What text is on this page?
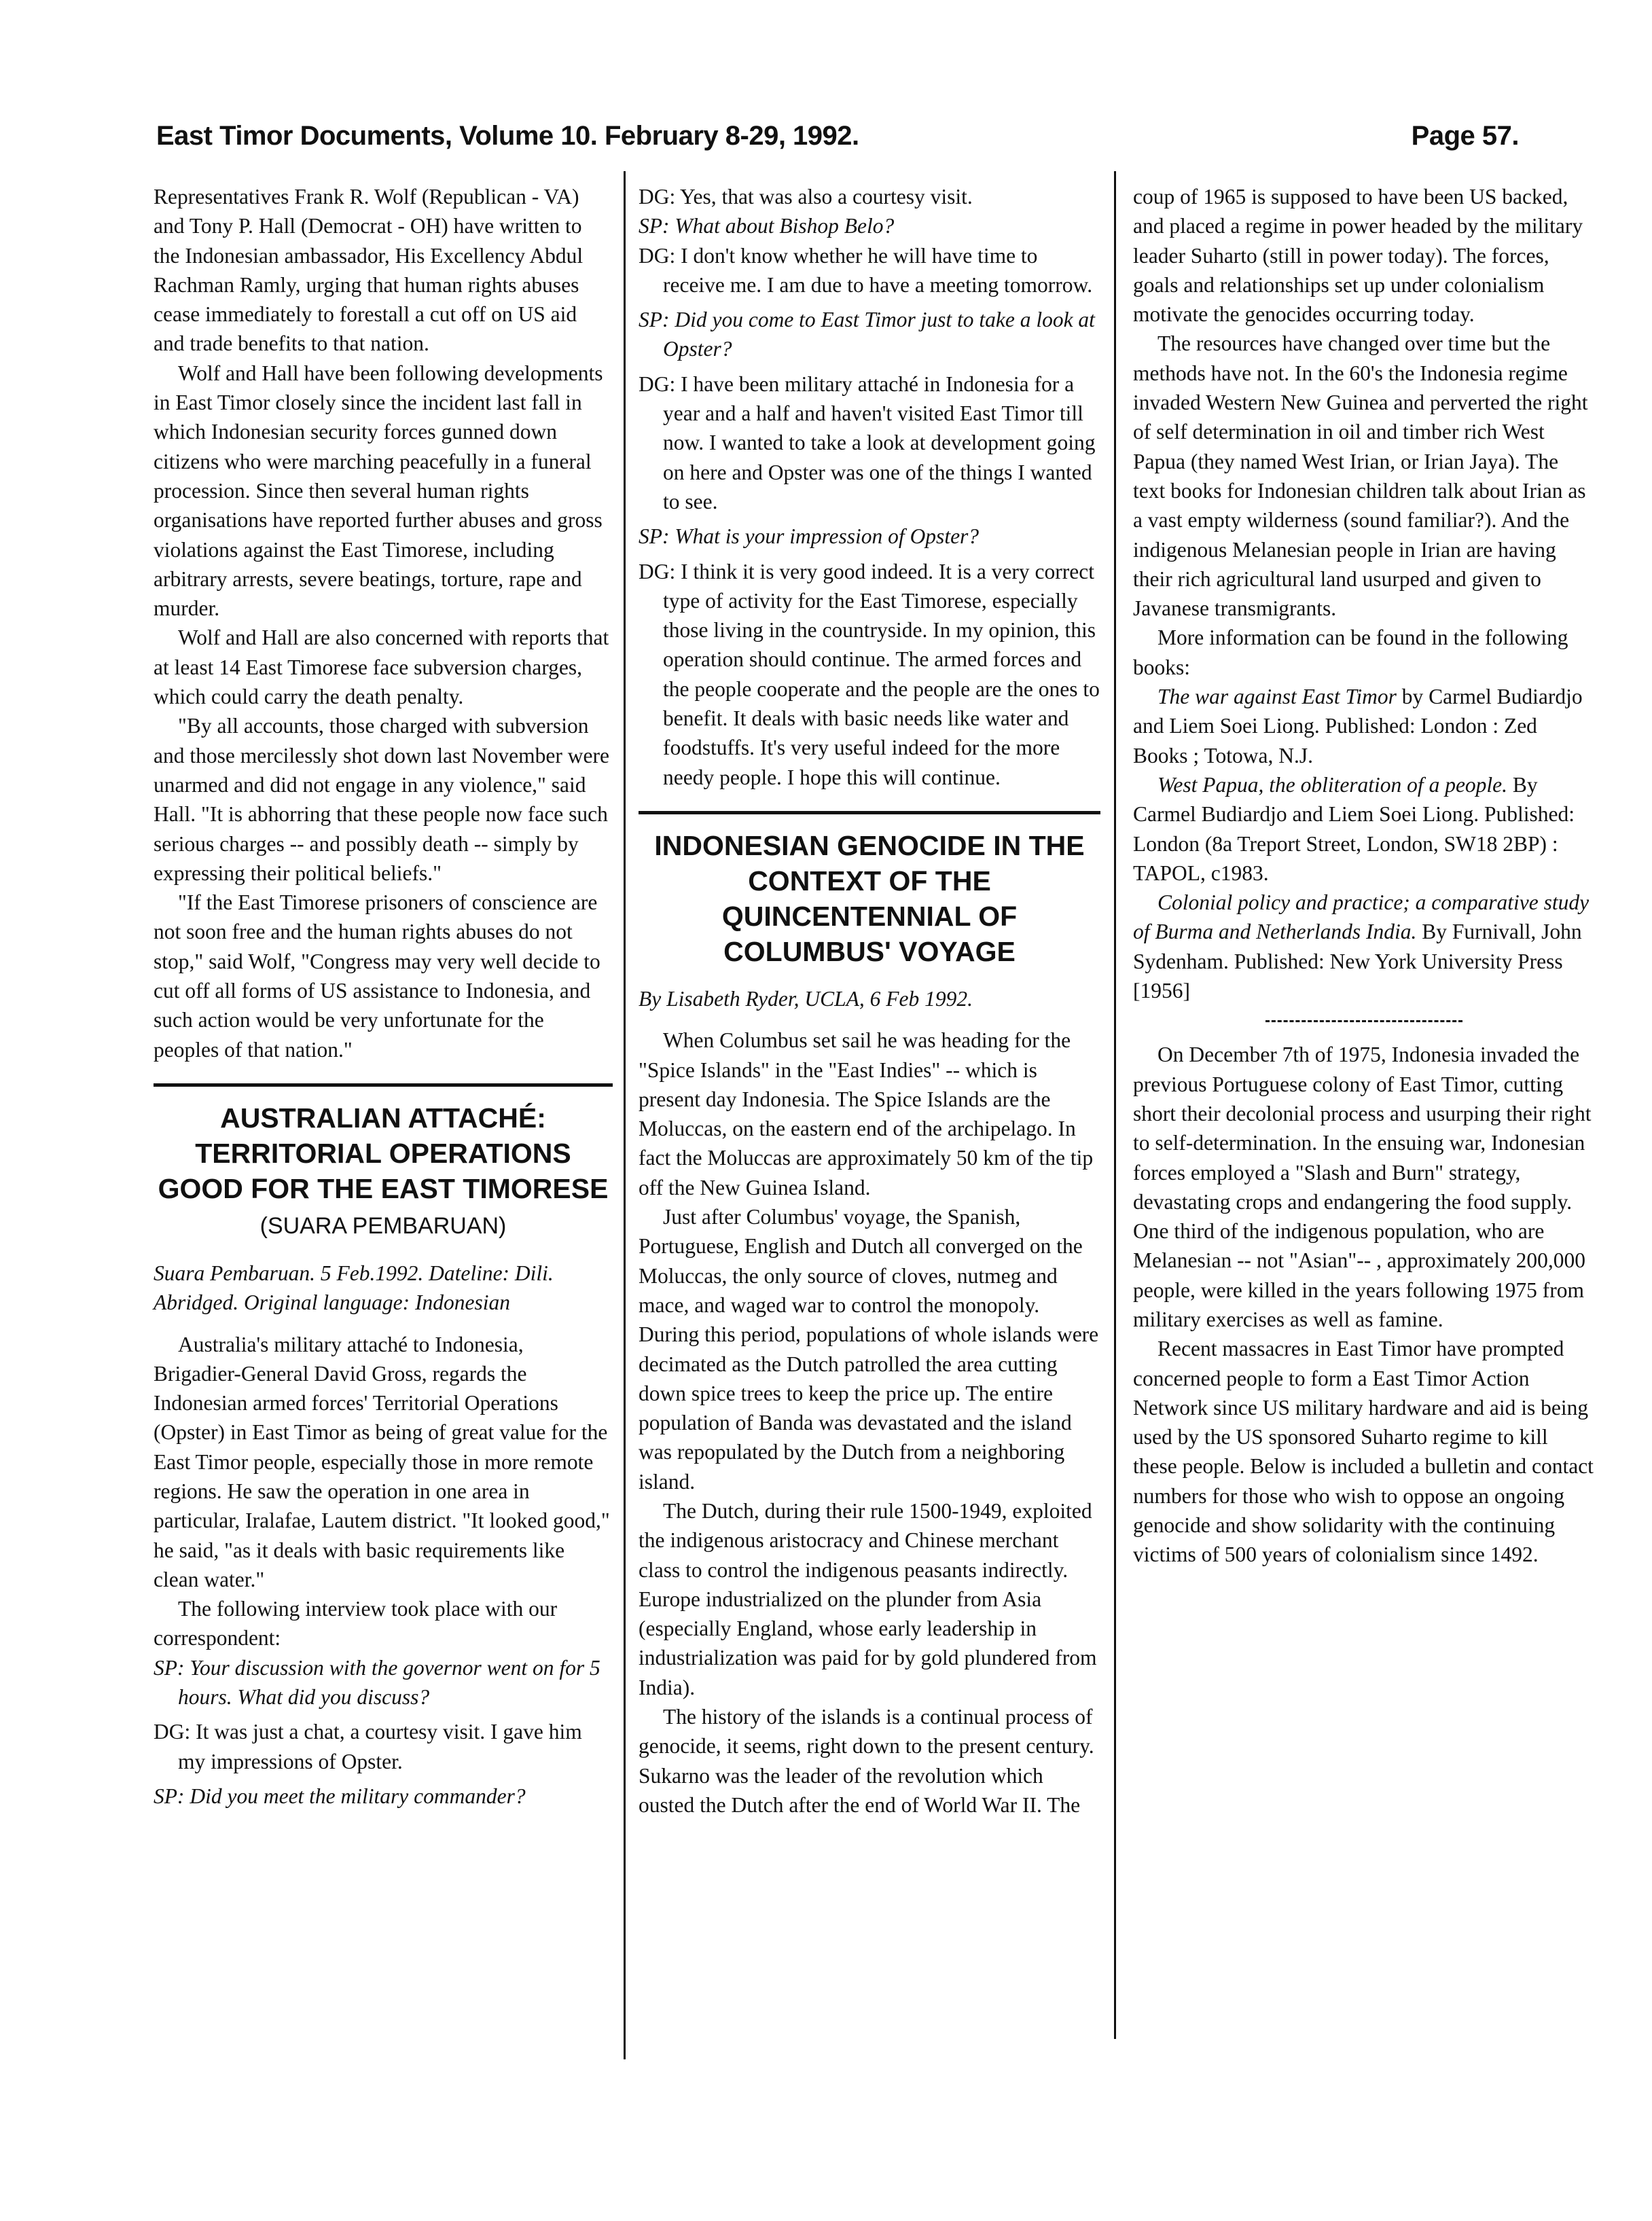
East Timor Documents, Volume 10. February 8-29, 1992.	Page 57.

Representatives Frank R. Wolf (Republican - VA) and Tony P. Hall (Democrat - OH) have written to the Indonesian ambassador, His Excellency Abdul Rachman Ramly, urging that human rights abuses cease immediately to forestall a cut off on US aid and trade benefits to that nation.

Wolf and Hall have been following developments in East Timor closely since the incident last fall in which Indonesian security forces gunned down citizens who were marching peacefully in a funeral procession. Since then several human rights organisations have reported further abuses and gross violations against the East Timorese, including arbitrary arrests, severe beatings, torture, rape and murder.

Wolf and Hall are also concerned with reports that at least 14 East Timorese face subversion charges, which could carry the death penalty.

"By all accounts, those charged with subversion and those mercilessly shot down last November were unarmed and did not engage in any violence," said Hall. "It is abhorring that these people now face such serious charges -- and possibly death -- simply by expressing their political beliefs."

"If the East Timorese prisoners of conscience are not soon free and the human rights abuses do not stop," said Wolf, "Congress may very well decide to cut off all forms of US assistance to Indonesia, and such action would be very unfortunate for the peoples of that nation."

AUSTRALIAN ATTACHÉ: TERRITORIAL OPERATIONS GOOD FOR THE EAST TIMORESE (SUARA PEMBARUAN)

Suara Pembaruan. 5 Feb.1992. Dateline: Dili. Abridged. Original language: Indonesian

Australia's military attaché to Indonesia, Brigadier-General David Gross, regards the Indonesian armed forces' Territorial Operations (Opster) in East Timor as being of great value for the East Timor people, especially those in more remote regions. He saw the operation in one area in particular, Iralafae, Lautem district. "It looked good," he said, "as it deals with basic requirements like clean water."

The following interview took place with our correspondent:

SP: Your discussion with the governor went on for 5 hours. What did you discuss?

DG: It was just a chat, a courtesy visit. I gave him my impressions of Opster.

SP: Did you meet the military commander?

DG: Yes, that was also a courtesy visit.

SP: What about Bishop Belo?

DG: I don't know whether he will have time to receive me. I am due to have a meeting tomorrow.

SP: Did you come to East Timor just to take a look at Opster?

DG: I have been military attaché in Indonesia for a year and a half and haven't visited East Timor till now. I wanted to take a look at development going on here and Opster was one of the things I wanted to see.

SP: What is your impression of Opster?

DG: I think it is very good indeed. It is a very correct type of activity for the East Timorese, especially those living in the countryside. In my opinion, this operation should continue. The armed forces and the people cooperate and the people are the ones to benefit. It deals with basic needs like water and foodstuffs. It's very useful indeed for the more needy people. I hope this will continue.

INDONESIAN GENOCIDE IN THE CONTEXT OF THE QUINCENTENNIAL OF COLUMBUS' VOYAGE

By Lisabeth Ryder, UCLA, 6 Feb 1992.

When Columbus set sail he was heading for the "Spice Islands" in the "East Indies" -- which is present day Indonesia. The Spice Islands are the Moluccas, on the eastern end of the archipelago. In fact the Moluccas are approximately 50 km of the tip off the New Guinea Island.

Just after Columbus' voyage, the Spanish, Portuguese, English and Dutch all converged on the Moluccas, the only source of cloves, nutmeg and mace, and waged war to control the monopoly. During this period, populations of whole islands were decimated as the Dutch patrolled the area cutting down spice trees to keep the price up. The entire population of Banda was devastated and the island was repopulated by the Dutch from a neighboring island.

The Dutch, during their rule 1500-1949, exploited the indigenous aristocracy and Chinese merchant class to control the indigenous peasants indirectly. Europe industrialized on the plunder from Asia (especially England, whose early leadership in industrialization was paid for by gold plundered from India).

The history of the islands is a continual process of genocide, it seems, right down to the present century. Sukarno was the leader of the revolution which ousted the Dutch after the end of World War II. The

coup of 1965 is supposed to have been US backed, and placed a regime in power headed by the military leader Suharto (still in power today). The forces, goals and relationships set up under colonialism motivate the genocides occurring today.

The resources have changed over time but the methods have not. In the 60's the Indonesia regime invaded Western New Guinea and perverted the right of self determination in oil and timber rich West Papua (they named West Irian, or Irian Jaya). The text books for Indonesian children talk about Irian as a vast empty wilderness (sound familiar?). And the indigenous Melanesian people in Irian are having their rich agricultural land usurped and given to Javanese transmigrants.

More information can be found in the following books:

The war against East Timor by Carmel Budiardjo and Liem Soei Liong. Published: London : Zed Books ; Totowa, N.J.

West Papua, the obliteration of a people. By Carmel Budiardjo and Liem Soei Liong. Published: London (8a Treport Street, London, SW18 2BP) : TAPOL, c1983.

Colonial policy and practice; a comparative study of Burma and Netherlands India. By Furnivall, John Sydenham. Published: New York University Press [1956]

On December 7th of 1975, Indonesia invaded the previous Portuguese colony of East Timor, cutting short their decolonial process and usurping their right to self-determination. In the ensuing war, Indonesian forces employed a "Slash and Burn" strategy, devastating crops and endangering the food supply. One third of the indigenous population, who are Melanesian -- not "Asian"-- , approximately 200,000 people, were killed in the years following 1975 from military exercises as well as famine.

Recent massacres in East Timor have prompted concerned people to form a East Timor Action Network since US military hardware and aid is being used by the US sponsored Suharto regime to kill these people. Below is included a bulletin and contact numbers for those who wish to oppose an ongoing genocide and show solidarity with the continuing victims of 500 years of colonialism since 1492.
